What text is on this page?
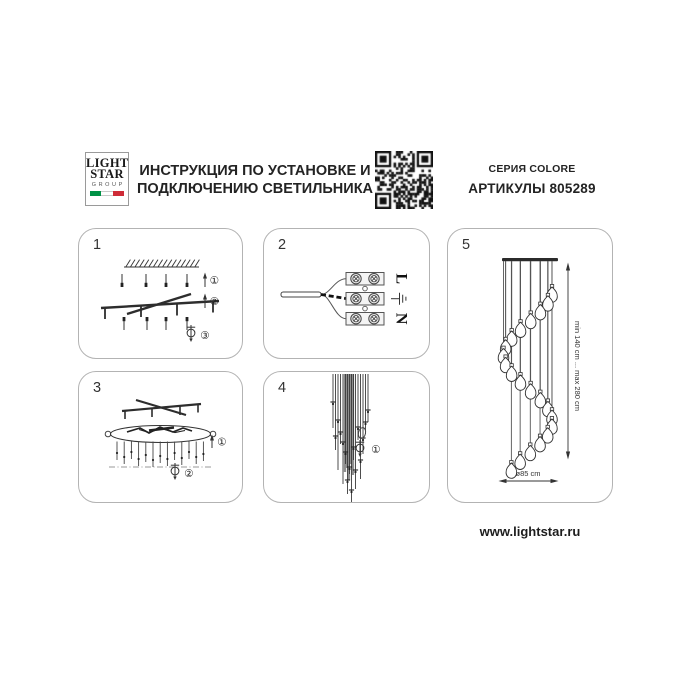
LIGHT
STAR
GROUP
ИНСТРУКЦИЯ ПО УСТАНОВКЕ И
ПОДКЛЮЧЕНИЮ СВЕТИЛЬНИКА
СЕРИЯ COLORE
АРТИКУЛЫ 805289
1
①
②
③
2
L
N
3
①
②
4
①
5
min 140 cm ... max 280 cm
ø85 cm
www.lightstar.ru
